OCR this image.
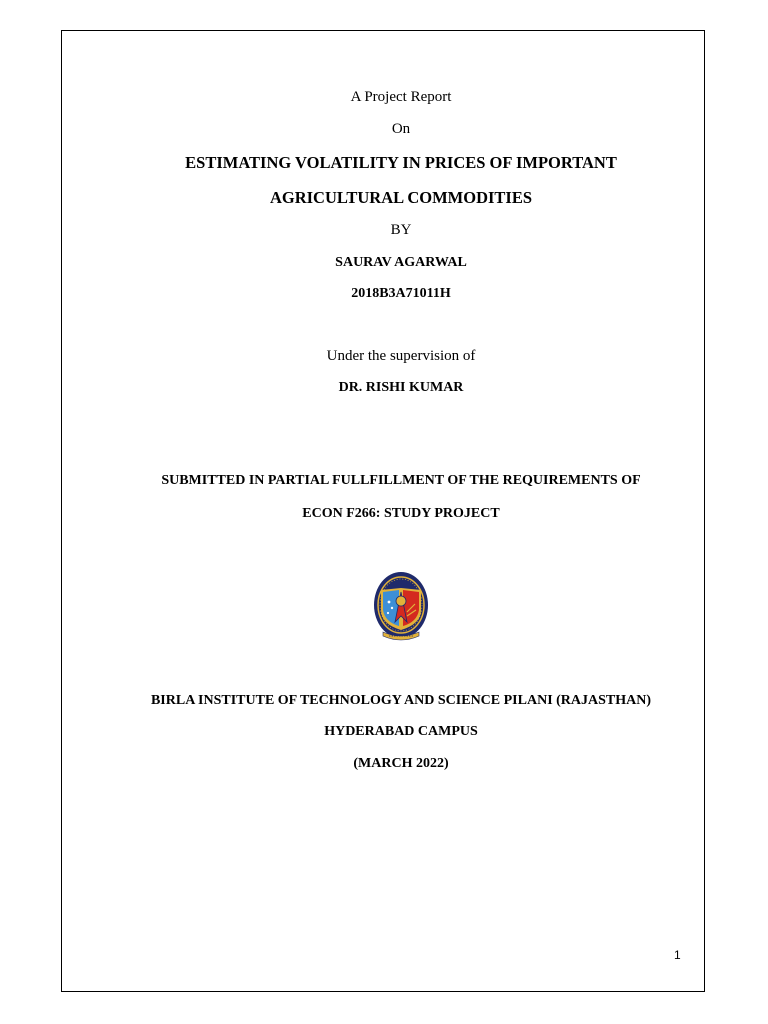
A Project Report
On
ESTIMATING VOLATILITY IN PRICES OF IMPORTANT
AGRICULTURAL COMMODITIES
BY
SAURAV AGARWAL
2018B3A71011H
Under the supervision of
DR. RISHI KUMAR
SUBMITTED IN PARTIAL FULLFILLMENT OF THE REQUIREMENTS OF
ECON F266: STUDY PROJECT
BIRLA INSTITUTE OF TECHNOLOGY AND SCIENCE PILANI (RAJASTHAN)
HYDERABAD CAMPUS
(MARCH 2022)
1
